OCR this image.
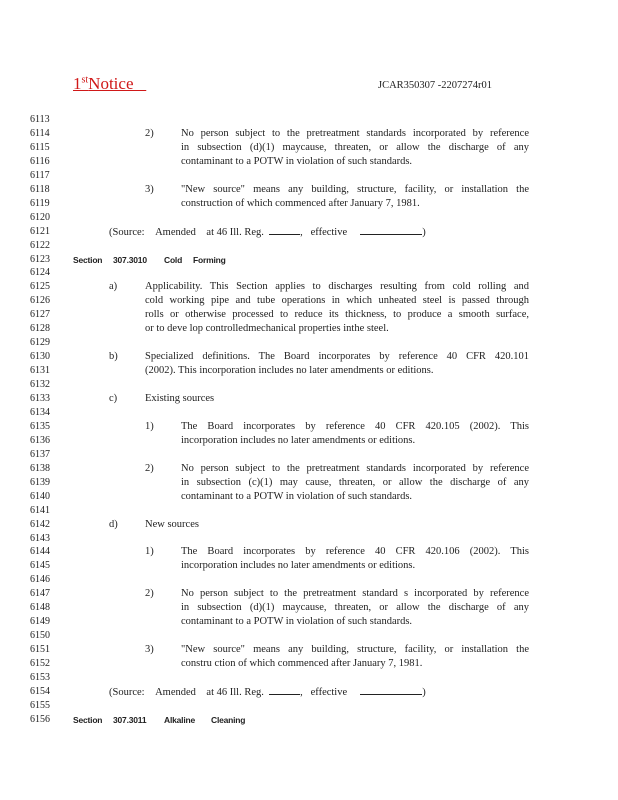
1stNotice	JCAR350307 -2207274r01
6113
6114	2)	No person subject to the pretreatment standards incorporated by reference
6115	in subsection (d)(1) maycause, threaten, or allow the discharge of any
6116	contaminant to a POTW in violation of such standards.
6117
6118	3)	"New source" means any building, structure, facility, or installation the
6119	construction of which commenced after January 7, 1981.
6120
6121	(Source: Amended at 46 Ill. Reg.	, effective	)
6122
6123	Section 307.3010 Cold Forming
6124
6125	a)	Applicability. This Section applies to discharges resulting from cold rolling and
6126	cold working pipe and tube operations in which unheated steel is passed through
6127	rolls or otherwise processed to reduce its thickness, to produce a smooth surface,
6128	or to deve lop controlledmechanical properties inthe steel.
6129
6130	b)	Specialized definitions. The Board incorporates by reference 40 CFR 420.101
6131	(2002). This incorporation includes no later amendments or editions.
6132
6133	c)	Existing sources
6134
6135	1)	The Board incorporates by reference 40 CFR 420.105 (2002). This
6136	incorporation includes no later amendments or editions.
6137
6138	2)	No person subject to the pretreatment standards incorporated by reference
6139	in subsection (c)(1) may cause, threaten, or allow the discharge of any
6140	contaminant to a POTW in violation of such standards.
6141
6142	d)	New sources
6143
6144	1)	The Board incorporates by reference 40 CFR 420.106 (2002). This
6145	incorporation includes no later amendments or editions.
6146
6147	2)	No person subject to the pretreatment standard s incorporated by reference
6148	in subsection (d)(1) maycause, threaten, or allow the discharge of any
6149	contaminant to a POTW in violation of such standards.
6150
6151	3)	"New source" means any building, structure, facility, or installation the
6152	constru ction of which commenced after January 7, 1981.
6153
6154	(Source: Amended at 46 Ill. Reg.	, effective	)
6155
6156	Section 307.3011 Alkaline Cleaning
